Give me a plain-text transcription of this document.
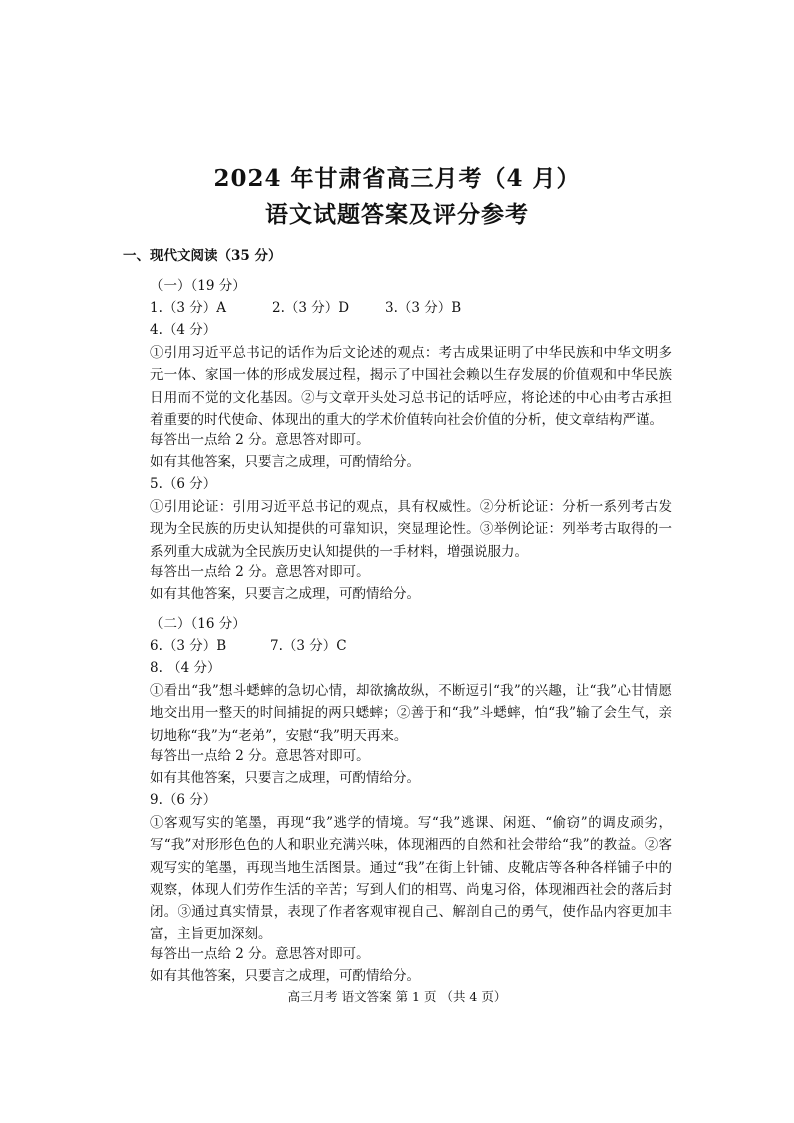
2024 年甘肃省高三月考（4 月）
语文试题答案及评分参考
一、现代文阅读（35 分）
（一）（19 分）
1.（3 分）A	2.（3 分）D	3.（3 分）B
4.（4 分）
①引用习近平总书记的话作为后文论述的观点：考古成果证明了中华民族和中华文明多元一体、家国一体的形成发展过程，揭示了中国社会赖以生存发展的价值观和中华民族日用而不觉的文化基因。②与文章开头处习总书记的话呼应，将论述的中心由考古承担着重要的时代使命、体现出的重大的学术价值转向社会价值的分析，使文章结构严谨。
每答出一点给 2 分。意思答对即可。
如有其他答案，只要言之成理，可酌情给分。
5.（6 分）
①引用论证：引用习近平总书记的观点，具有权威性。②分析论证：分析一系列考古发现为全民族的历史认知提供的可靠知识，突显理论性。③举例论证：列举考古取得的一系列重大成就为全民族历史认知提供的一手材料，增强说服力。
每答出一点给 2 分。意思答对即可。
如有其他答案，只要言之成理，可酌情给分。
（二）（16 分）
6.（3 分）B	7.（3 分）C
8. （4 分）
①看出“我”想斗蟋蟀的急切心情，却欲擒故纵，不断逗引“我”的兴趣，让“我”心甘情愿地交出用一整天的时间捕捉的两只蟋蟀；②善于和“我”斗蟋蟀，怕“我”输了会生气，亲切地称“我”为“老弟”，安慰“我”明天再来。
每答出一点给 2 分。意思答对即可。
如有其他答案，只要言之成理，可酌情给分。
9.（6 分）
①客观写实的笔墨，再现“我”逃学的情境。写“我”逃课、闲逛、“偷窃”的调皮顽劣，写“我”对形形色色的人和职业充满兴味，体现湘西的自然和社会带给“我”的教益。②客观写实的笔墨，再现当地生活图景。通过“我”在街上针铺、皮靴店等各种各样铺子中的观察，体现人们劳作生活的辛苦；写到人们的相骂、尚鬼习俗，体现湘西社会的落后封闭。③通过真实情景，表现了作者客观审视自己、解剖自己的勇气，使作品内容更加丰富，主旨更加深刻。
每答出一点给 2 分。意思答对即可。
如有其他答案，只要言之成理，可酌情给分。
高三月考 语文答案 第 1 页 （共 4 页）
